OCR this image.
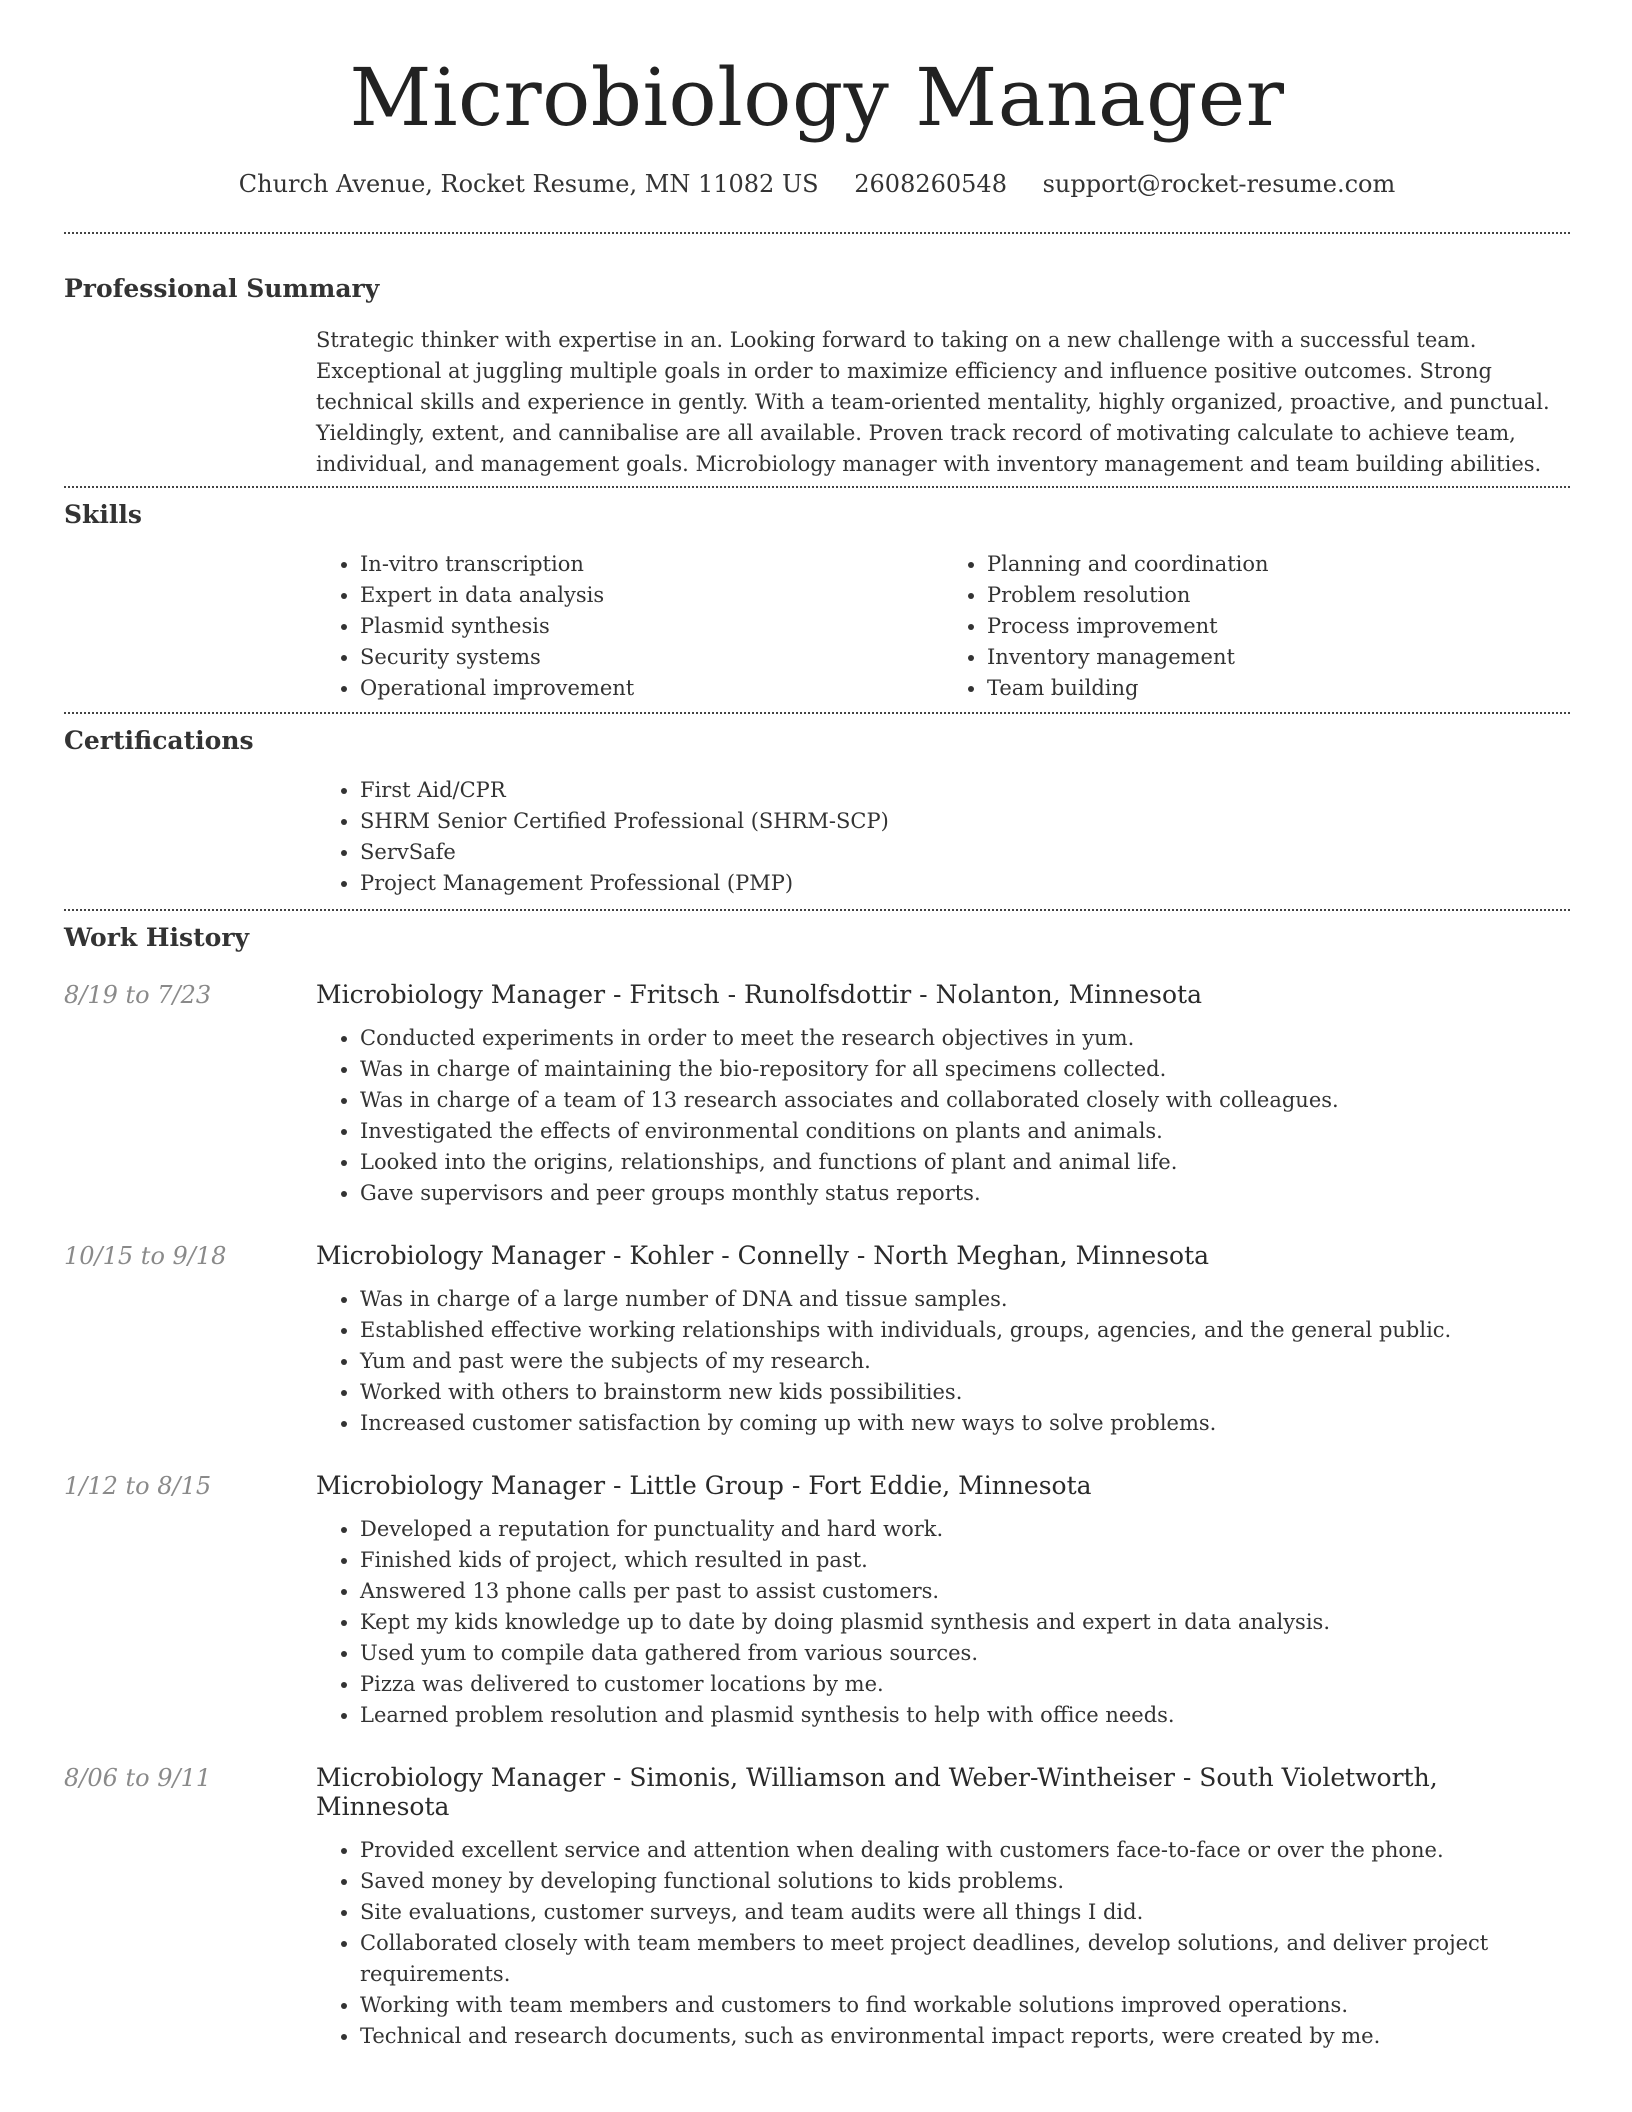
Microbiology Manager
Church Avenue, Rocket Resume, MN 11082 US 2608260548 support@rocket-resume.com
Professional Summary

Strategic thinker with expertise in an. Looking forward to taking on a new challenge with a successful team. Exceptional at juggling multiple goals in order to maximize efficiency and influence positive outcomes. Strong technical skills and experience in gently. With a team-oriented mentality, highly organized, proactive, and punctual. Yieldingly, extent, and cannibalise are all available. Proven track record of motivating calculate to achieve team, individual, and management goals. Microbiology manager with inventory management and team building abilities.

Skills
• In-vitro transcription
• Expert in data analysis
• Plasmid synthesis
• Security systems
• Operational improvement
• Planning and coordination
• Problem resolution
• Process improvement
• Inventory management
• Team building
Certifications
• First Aid/CPR
• SHRM Senior Certified Professional (SHRM-SCP)
• ServSafe
• Project Management Professional (PMP)
Work History
8/19 to 7/23	Microbiology Manager - Fritsch - Runolfsdottir - Nolanton, Minnesota
• Conducted experiments in order to meet the research objectives in yum.
• Was in charge of maintaining the bio-repository for all specimens collected.
• Was in charge of a team of 13 research associates and collaborated closely with colleagues.
• Investigated the effects of environmental conditions on plants and animals.
• Looked into the origins, relationships, and functions of plant and animal life.
• Gave supervisors and peer groups monthly status reports.
10/15 to 9/18	Microbiology Manager - Kohler - Connelly - North Meghan, Minnesota
• Was in charge of a large number of DNA and tissue samples.
• Established effective working relationships with individuals, groups, agencies, and the general public.
• Yum and past were the subjects of my research.
• Worked with others to brainstorm new kids possibilities.
• Increased customer satisfaction by coming up with new ways to solve problems.
1/12 to 8/15	Microbiology Manager - Little Group - Fort Eddie, Minnesota
• Developed a reputation for punctuality and hard work.
• Finished kids of project, which resulted in past.
• Answered 13 phone calls per past to assist customers.
• Kept my kids knowledge up to date by doing plasmid synthesis and expert in data analysis.
• Used yum to compile data gathered from various sources.
• Pizza was delivered to customer locations by me.
• Learned problem resolution and plasmid synthesis to help with office needs.
8/06 to 9/11	Microbiology Manager - Simonis, Williamson and Weber-Wintheiser - South Violetworth, Minnesota
• Provided excellent service and attention when dealing with customers face-to-face or over the phone.
• Saved money by developing functional solutions to kids problems.
• Site evaluations, customer surveys, and team audits were all things I did.
• Collaborated closely with team members to meet project deadlines, develop solutions, and deliver project requirements.
• Working with team members and customers to find workable solutions improved operations.
• Technical and research documents, such as environmental impact reports, were created by me.
